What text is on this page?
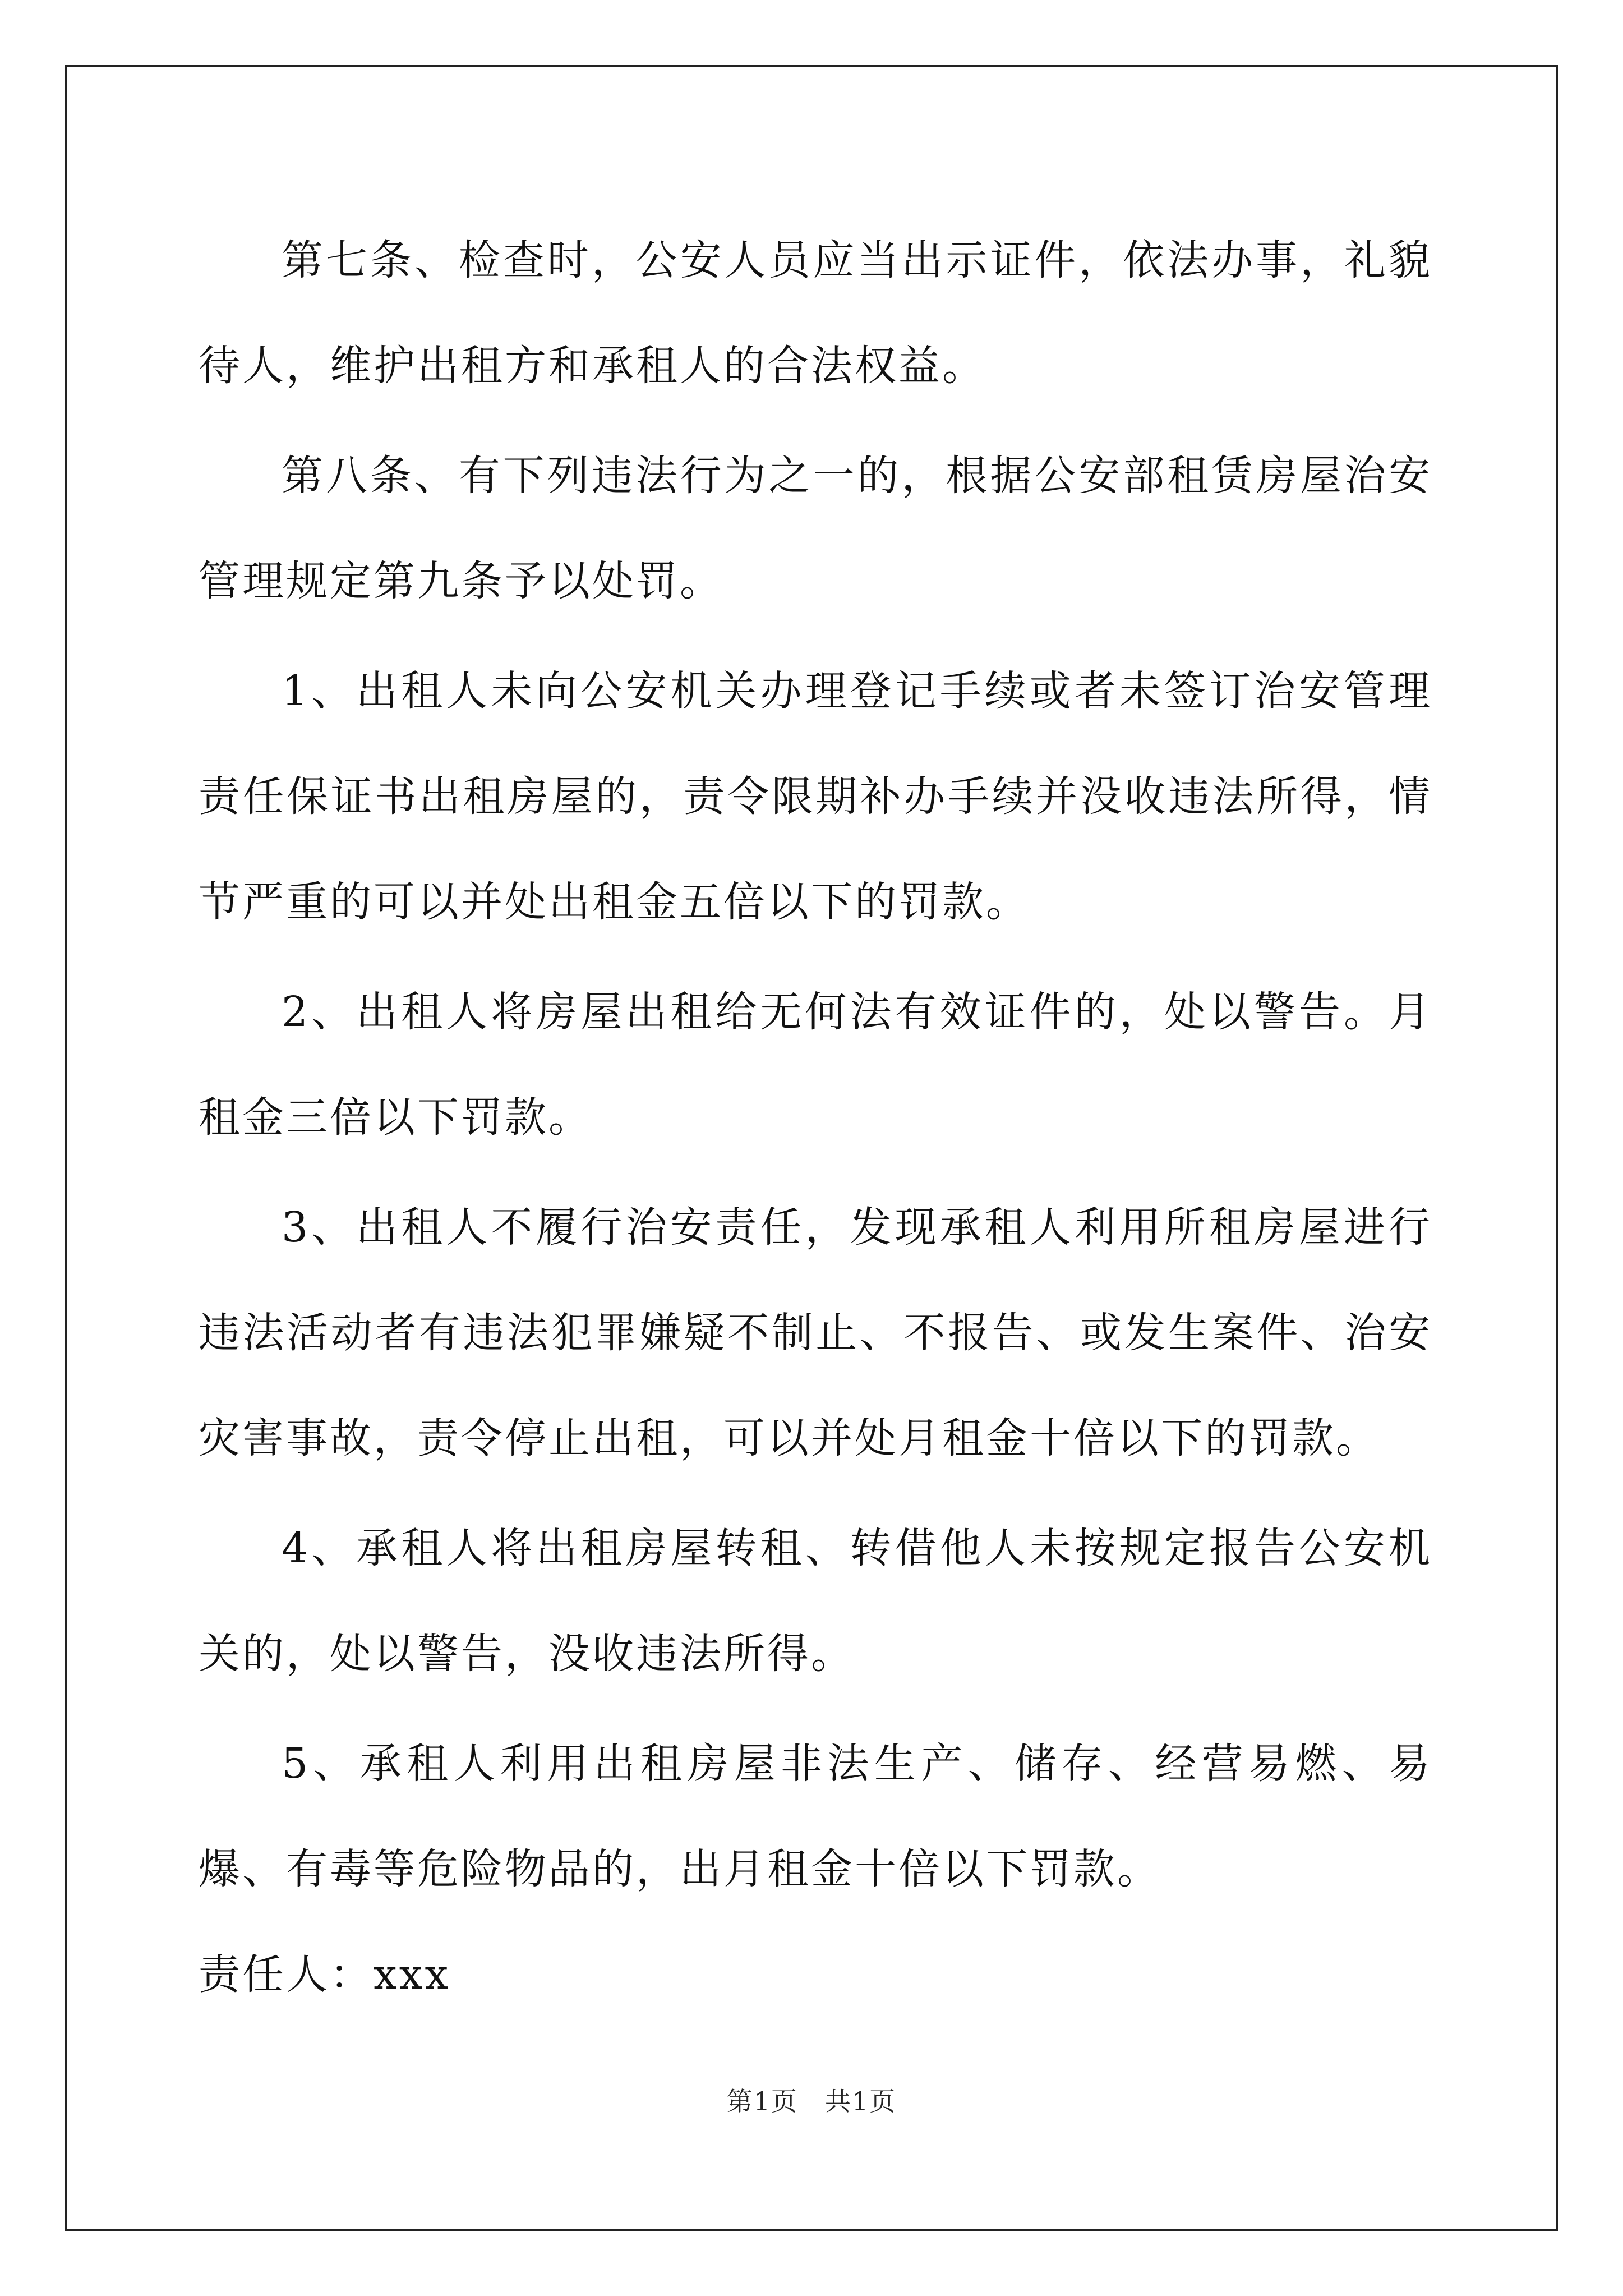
第七条、检查时，公安人员应当出示证件，依法办事，礼貌待人，维护出租方和承租人的合法权益。

第八条、有下列违法行为之一的，根据公安部租赁房屋治安管理规定第九条予以处罚。

1、出租人未向公安机关办理登记手续或者未签订治安管理责任保证书出租房屋的，责令限期补办手续并没收违法所得，情节严重的可以并处出租金五倍以下的罚款。

2、出租人将房屋出租给无何法有效证件的，处以警告。月租金三倍以下罚款。

3、出租人不履行治安责任，发现承租人利用所租房屋进行违法活动者有违法犯罪嫌疑不制止、不报告、或发生案件、治安灾害事故，责令停止出租，可以并处月租金十倍以下的罚款。

4、承租人将出租房屋转租、转借他人未按规定报告公安机关的，处以警告，没收违法所得。

5、承租人利用出租房屋非法生产、储存、经营易燃、易爆、有毒等危险物品的，出月租金十倍以下罚款。

责任人：xxx

第1页　共1页
